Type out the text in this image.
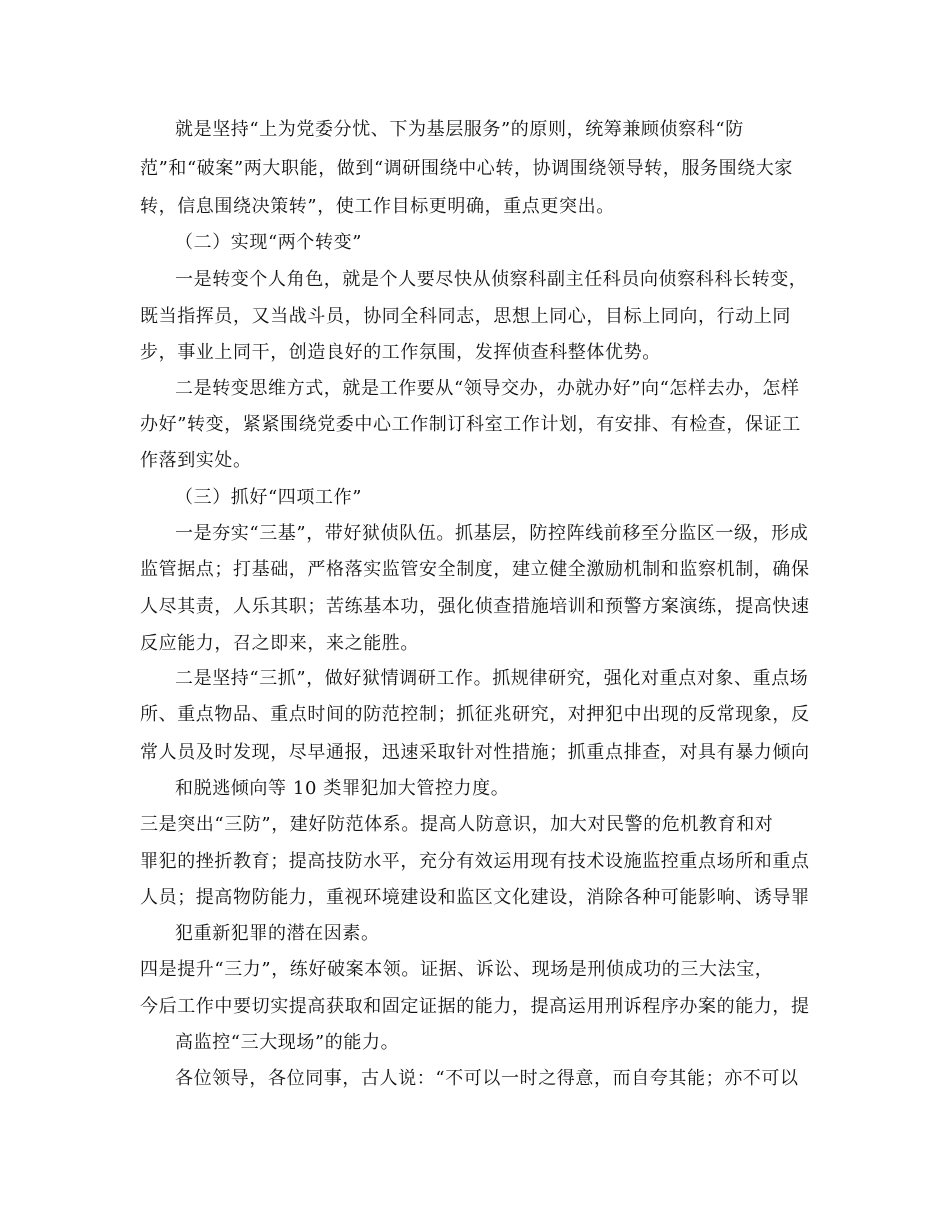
就是坚持“上为党委分忧、下为基层服务”的原则，统筹兼顾侦察科“防
范”和“破案”两大职能，做到“调研围绕中心转，协调围绕领导转，服务围绕大家
转，信息围绕决策转”，使工作目标更明确，重点更突出。
（二）实现“两个转变”
一是转变个人角色，就是个人要尽快从侦察科副主任科员向侦察科科长转变，
既当指挥员，又当战斗员，协同全科同志，思想上同心，目标上同向，行动上同
步，事业上同干，创造良好的工作氛围，发挥侦查科整体优势。
二是转变思维方式，就是工作要从“领导交办，办就办好”向“怎样去办，怎样
办好”转变，紧紧围绕党委中心工作制订科室工作计划，有安排、有检查，保证工
作落到实处。
（三）抓好“四项工作”
一是夯实“三基”，带好狱侦队伍。抓基层，防控阵线前移至分监区一级，形成
监管据点；打基础，严格落实监管安全制度，建立健全激励机制和监察机制，确保
人尽其责，人乐其职；苦练基本功，强化侦查措施培训和预警方案演练，提高快速
反应能力，召之即来，来之能胜。
二是坚持“三抓”，做好狱情调研工作。抓规律研究，强化对重点对象、重点场
所、重点物品、重点时间的防范控制；抓征兆研究，对押犯中出现的反常现象，反
常人员及时发现，尽早通报，迅速采取针对性措施；抓重点排查，对具有暴力倾向
和脱逃倾向等 10 类罪犯加大管控力度。
三是突出“三防”，建好防范体系。提高人防意识，加大对民警的危机教育和对
罪犯的挫折教育；提高技防水平，充分有效运用现有技术设施监控重点场所和重点
人员；提高物防能力，重视环境建设和监区文化建设，消除各种可能影响、诱导罪
犯重新犯罪的潜在因素。
四是提升“三力”，练好破案本领。证据、诉讼、现场是刑侦成功的三大法宝，
今后工作中要切实提高获取和固定证据的能力，提高运用刑诉程序办案的能力，提
高监控“三大现场”的能力。
各位领导，各位同事，古人说：“不可以一时之得意，而自夸其能；亦不可以
